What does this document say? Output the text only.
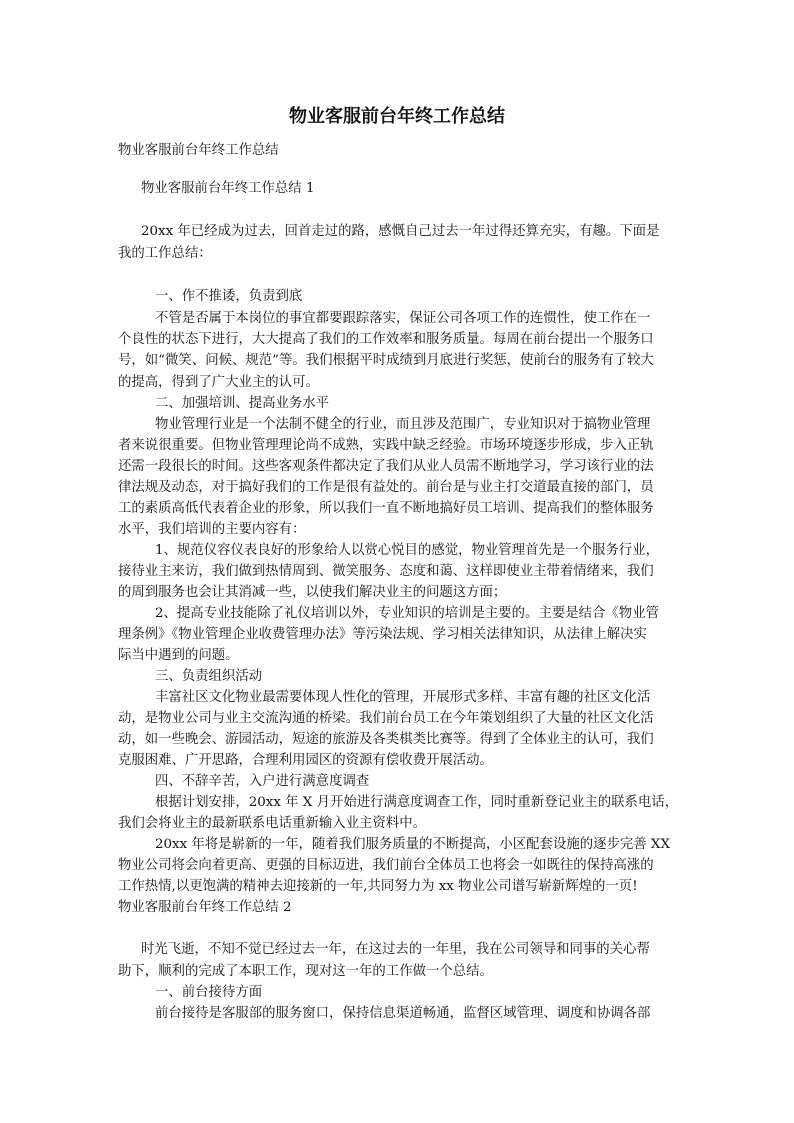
物业客服前台年终工作总结
物业客服前台年终工作总结
物业客服前台年终工作总结 1
20xx 年已经成为过去，回首走过的路，感慨自己过去一年过得还算充实，有趣。下面是
我的工作总结：
一、作不推诿，负责到底
不管是否属于本岗位的事宜都要跟踪落实，保证公司各项工作的连惯性，使工作在一
个良性的状态下进行，大大提高了我们的工作效率和服务质量。每周在前台提出一个服务口
号，如“微笑、问候、规范”等。我们根据平时成绩到月底进行奖惩，使前台的服务有了较大
的提高，得到了广大业主的认可。
二、加强培训、提高业务水平
物业管理行业是一个法制不健全的行业，而且涉及范围广，专业知识对于搞物业管理
者来说很重要。但物业管理理论尚不成熟，实践中缺乏经验。市场环境逐步形成，步入正轨
还需一段很长的时间。这些客观条件都决定了我们从业人员需不断地学习，学习该行业的法
律法规及动态，对于搞好我们的工作是很有益处的。前台是与业主打交道最直接的部门，员
工的素质高低代表着企业的形象，所以我们一直不断地搞好员工培训、提高我们的整体服务
水平，我们培训的主要内容有：
1、规范仪容仪表良好的形象给人以赏心悦目的感觉，物业管理首先是一个服务行业，
接待业主来访，我们做到热情周到、微笑服务、态度和蔼、这样即使业主带着情绪来，我们
的周到服务也会让其消减一些，以使我们解决业主的问题这方面；
2、提高专业技能除了礼仪培训以外，专业知识的培训是主要的。主要是结合《物业管
理条例》《物业管理企业收费管理办法》等污染法规、学习相关法律知识，从法律上解决实
际当中遇到的问题。
三、负责组织活动
丰富社区文化物业最需要体现人性化的管理，开展形式多样、丰富有趣的社区文化活
动，是物业公司与业主交流沟通的桥梁。我们前台员工在今年策划组织了大量的社区文化活
动，如一些晚会、游园活动，短途的旅游及各类棋类比赛等。得到了全体业主的认可，我们
克服困难、广开思路，合理利用园区的资源有偿收费开展活动。
四、不辞辛苦，入户进行满意度调查
根据计划安排，20xx 年 X 月开始进行满意度调查工作，同时重新登记业主的联系电话，
我们会将业主的最新联系电话重新输入业主资料中。
20xx 年将是崭新的一年，随着我们服务质量的不断提高，小区配套设施的逐步完善 XX
物业公司将会向着更高、更强的目标迈进，我们前台全体员工也将会一如既往的保持高涨的
工作热情,以更饱满的精神去迎接新的一年,共同努力为 xx 物业公司谱写崭新辉煌的一页!
物业客服前台年终工作总结 2
时光飞逝，不知不觉已经过去一年，在这过去的一年里，我在公司领导和同事的关心帮
助下，顺利的完成了本职工作，现对这一年的工作做一个总结。
一、前台接待方面
前台接待是客服部的服务窗口，保持信息渠道畅通，监督区域管理、调度和协调各部
